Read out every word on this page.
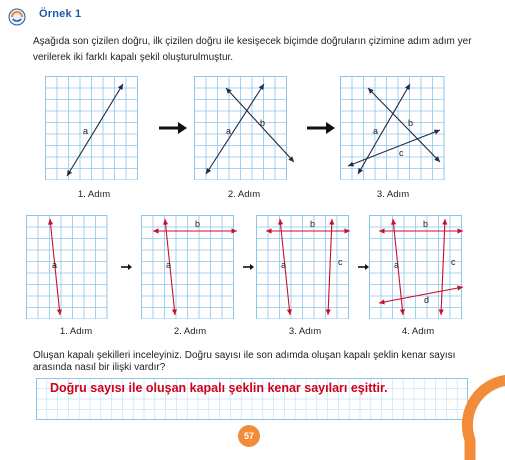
Örnek 1
Aşağıda son çizilen doğru, ilk çizilen doğru ile kesişecek biçimde doğruların çizimine adım adım yer verilerek iki farklı kapalı şekil oluşturulmuştur.
a	a
b
a
b
c
1. Adım	2. Adım	3. Adım
a	a
b
a
b
c	a
b
c
d
1. Adım	2. Adım	3. Adım	4. Adım
Oluşan kapalı şekilleri inceleyiniz. Doğru sayısı ile son adımda oluşan kapalı şeklin kenar sayısı arasında nasıl bir ilişki vardır?
Doğru sayısı ile oluşan kapalı şeklin kenar sayıları eşittir.
57
